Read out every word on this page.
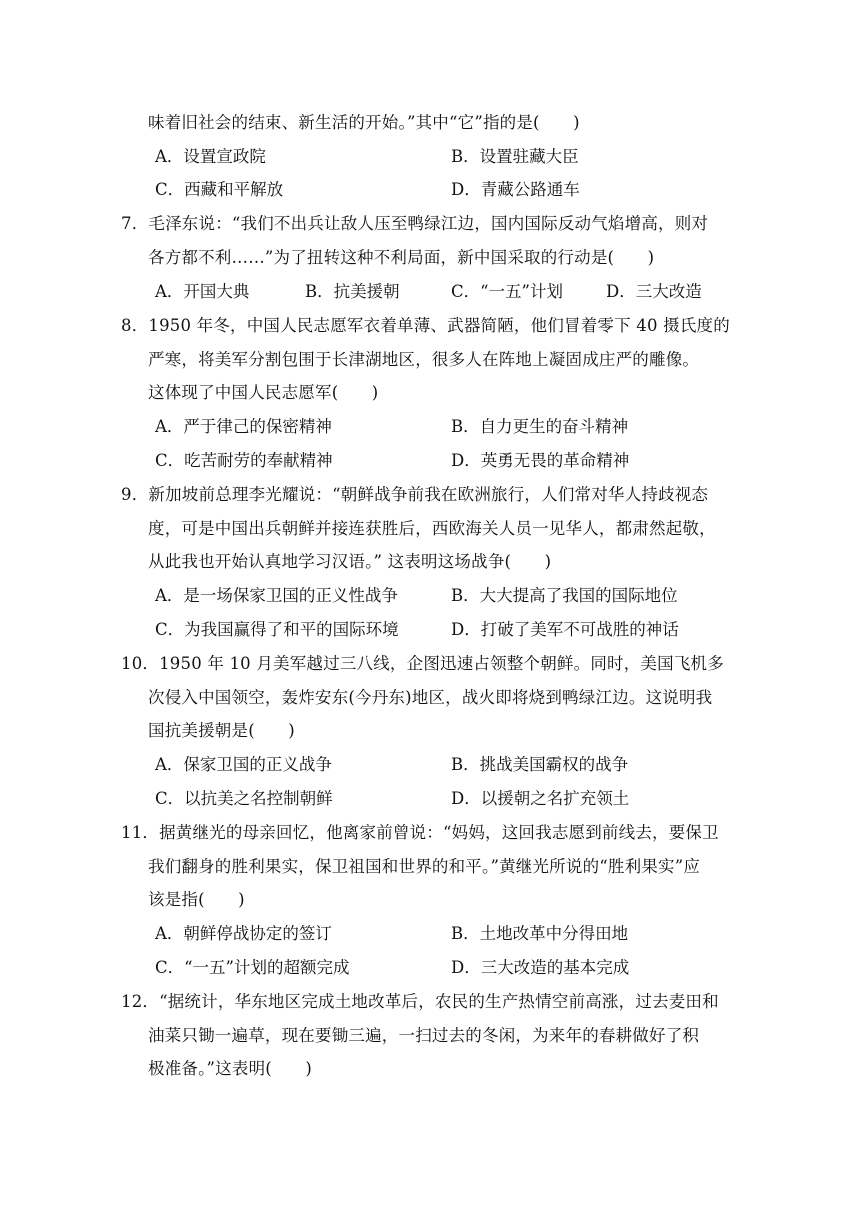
味着旧社会的结束、新生活的开始。”其中“它”指的是(　　)
A．设置宣政院	B．设置驻藏大臣
C．西藏和平解放	D．青藏公路通车
7．毛泽东说：“我们不出兵让敌人压至鸭绿江边，国内国际反动气焰增高，则对
各方都不利……”为了扭转这种不利局面，新中国采取的行动是(　　)
A．开国大典	B．抗美援朝	C．“一五”计划	D．三大改造
8．1950 年冬，中国人民志愿军衣着单薄、武器简陋，他们冒着零下 40 摄氏度的
严寒，将美军分割包围于长津湖地区，很多人在阵地上凝固成庄严的雕像。
这体现了中国人民志愿军(　　)
A．严于律己的保密精神	B．自力更生的奋斗精神
C．吃苦耐劳的奉献精神	D．英勇无畏的革命精神
9．新加坡前总理李光耀说：“朝鲜战争前我在欧洲旅行，人们常对华人持歧视态
度，可是中国出兵朝鲜并接连获胜后，西欧海关人员一见华人，都肃然起敬，
从此我也开始认真地学习汉语。” 这表明这场战争(　　)
A．是一场保家卫国的正义性战争	B．大大提高了我国的国际地位
C．为我国赢得了和平的国际环境	D．打破了美军不可战胜的神话
10．1950 年 10 月美军越过三八线，企图迅速占领整个朝鲜。同时，美国飞机多
次侵入中国领空，轰炸安东(今丹东)地区，战火即将烧到鸭绿江边。这说明我
国抗美援朝是(　　)
A．保家卫国的正义战争	B．挑战美国霸权的战争
C．以抗美之名控制朝鲜	D．以援朝之名扩充领土
11．据黄继光的母亲回忆，他离家前曾说：“妈妈，这回我志愿到前线去，要保卫
我们翻身的胜利果实，保卫祖国和世界的和平。”黄继光所说的“胜利果实”应
该是指(　　)
A．朝鲜停战协定的签订	B．土地改革中分得田地
C．“一五”计划的超额完成	D．三大改造的基本完成
12．“据统计，华东地区完成土地改革后，农民的生产热情空前高涨，过去麦田和
油菜只锄一遍草，现在要锄三遍，一扫过去的冬闲，为来年的春耕做好了积
极准备。”这表明(　　)
